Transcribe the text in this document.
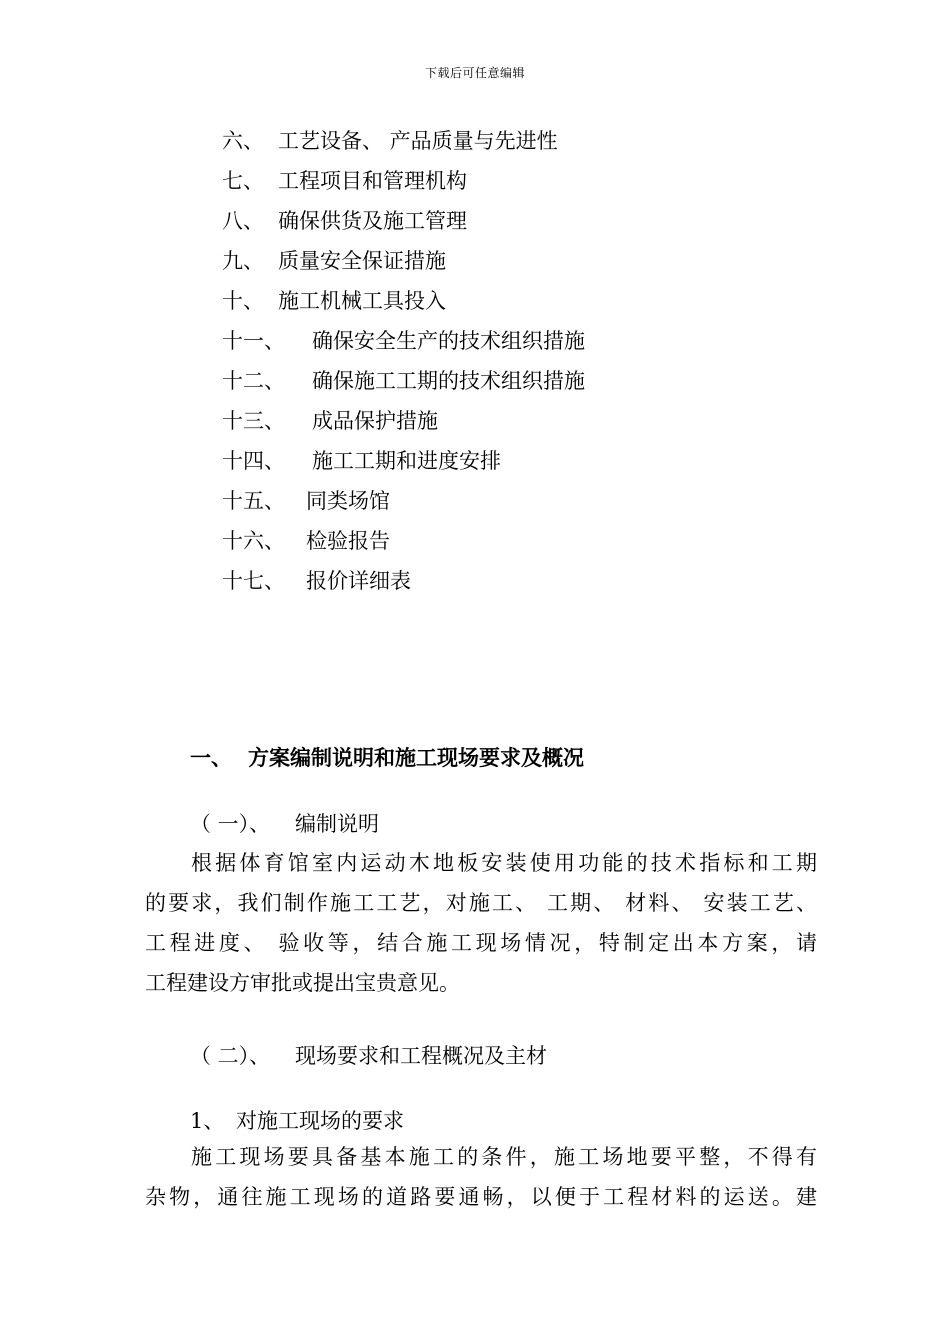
下载后可任意编辑
六、 工艺设备、 产品质量与先进性
七、 工程项目和管理机构
八、 确保供货及施工管理
九、 质量安全保证措施
十、 施工机械工具投入
十一、	确保安全生产的技术组织措施
十二、	确保施工工期的技术组织措施
十三、	成品保护措施
十四、	施工工期和进度安排
十五、	同类场馆
十六、	检验报告
十七、	报价详细表
一、 方案编制说明和施工现场要求及概况
（ 一）、 编制说明
根据体育馆室内运动木地板安装使用功能的技术指标和工期
的要求，我们制作施工工艺，对施工、 工期、 材料、 安装工艺、
工程进度、 验收等，结合施工现场情况，特制定出本方案，请
工程建设方审批或提出宝贵意见。
（ 二）、 现场要求和工程概况及主材
1、 对施工现场的要求
施工现场要具备基本施工的条件，施工场地要平整，不得有
杂物，通往施工现场的道路要通畅，以便于工程材料的运送。建
